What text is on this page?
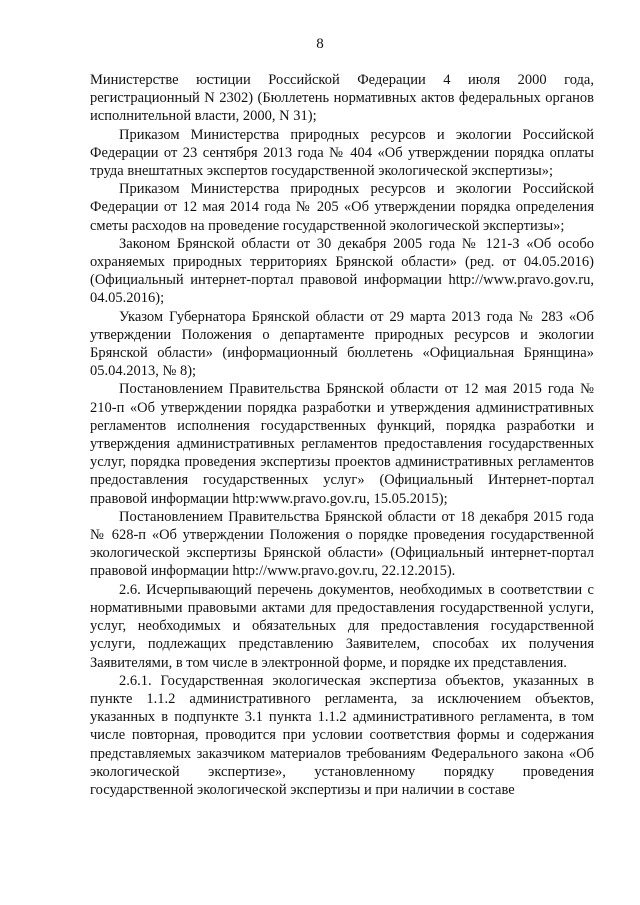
8

Министерстве юстиции Российской Федерации 4 июля 2000 года, регистрационный N 2302) (Бюллетень нормативных актов федеральных органов исполнительной власти, 2000, N 31);

Приказом Министерства природных ресурсов и экологии Российской Федерации от 23 сентября 2013 года № 404 «Об утверждении порядка оплаты труда внештатных экспертов государственной экологической экспертизы»;

Приказом Министерства природных ресурсов и экологии Российской Федерации от 12 мая 2014 года № 205 «Об утверждении порядка определения сметы расходов на проведение государственной экологической экспертизы»;

Законом Брянской области от 30 декабря 2005 года № 121-З «Об особо охраняемых природных территориях Брянской области» (ред. от 04.05.2016) (Официальный интернет-портал правовой информации http://www.pravo.gov.ru, 04.05.2016);

Указом Губернатора Брянской области от 29 марта 2013 года № 283 «Об утверждении Положения о департаменте природных ресурсов и экологии Брянской области» (информационный бюллетень «Официальная Брянщина» 05.04.2013, № 8);

Постановлением Правительства Брянской области от 12 мая 2015 года № 210-п «Об утверждении порядка разработки и утверждения административных регламентов исполнения государственных функций, порядка разработки и утверждения административных регламентов предоставления государственных услуг, порядка проведения экспертизы проектов административных регламентов предоставления государственных услуг» (Официальный Интернет-портал правовой информации http:www.pravo.gov.ru, 15.05.2015);

Постановлением Правительства Брянской области от 18 декабря 2015 года № 628-п «Об утверждении Положения о порядке проведения государственной экологической экспертизы Брянской области» (Официальный интернет-портал правовой информации http://www.pravo.gov.ru, 22.12.2015).

2.6. Исчерпывающий перечень документов, необходимых в соответствии с нормативными правовыми актами для предоставления государственной услуги, услуг, необходимых и обязательных для предоставления государственной услуги, подлежащих представлению Заявителем, способах их получения Заявителями, в том числе в электронной форме, и порядке их представления.

2.6.1. Государственная экологическая экспертиза объектов, указанных в пункте 1.1.2 административного регламента, за исключением объектов, указанных в подпункте 3.1 пункта 1.1.2 административного регламента, в том числе повторная, проводится при условии соответствия формы и содержания представляемых заказчиком материалов требованиям Федерального закона «Об экологической экспертизе», установленному порядку проведения государственной экологической экспертизы и при наличии в составе
